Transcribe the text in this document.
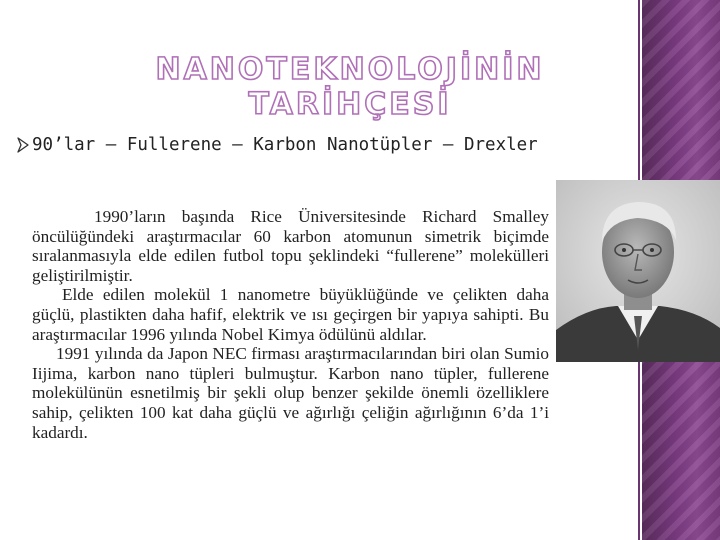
NANOTEKNOLOJİNİN TARİHÇESİ
90’lar – Fullerene – Karbon Nanotüpler – Drexler

1990’ların başında Rice Üniversitesinde Richard Smalley öncülüğündeki araştırmacılar 60 karbon atomunun simetrik biçimde sıralanmasıyla elde edilen futbol topu şeklindeki “fullerene” molekülleri geliştirilmiştir.

Elde edilen molekül 1 nanometre büyüklüğünde ve çelikten daha güçlü, plastikten daha hafif, elektrik ve ısı geçirgen bir yapıya sahipti. Bu araştırmacılar 1996 yılında Nobel Kimya ödülünü aldılar.

1991 yılında da Japon NEC firması araştırmacılarından biri olan Sumio Iijima, karbon nano tüpleri bulmuştur. Karbon nano tüpler, fullerene molekülünün esnetilmiş bir şekli olup benzer şekilde önemli özelliklere sahip, çelikten 100 kat daha güçlü ve ağırlığı çeliğin ağırlığının 6’da 1’i kadardı.
